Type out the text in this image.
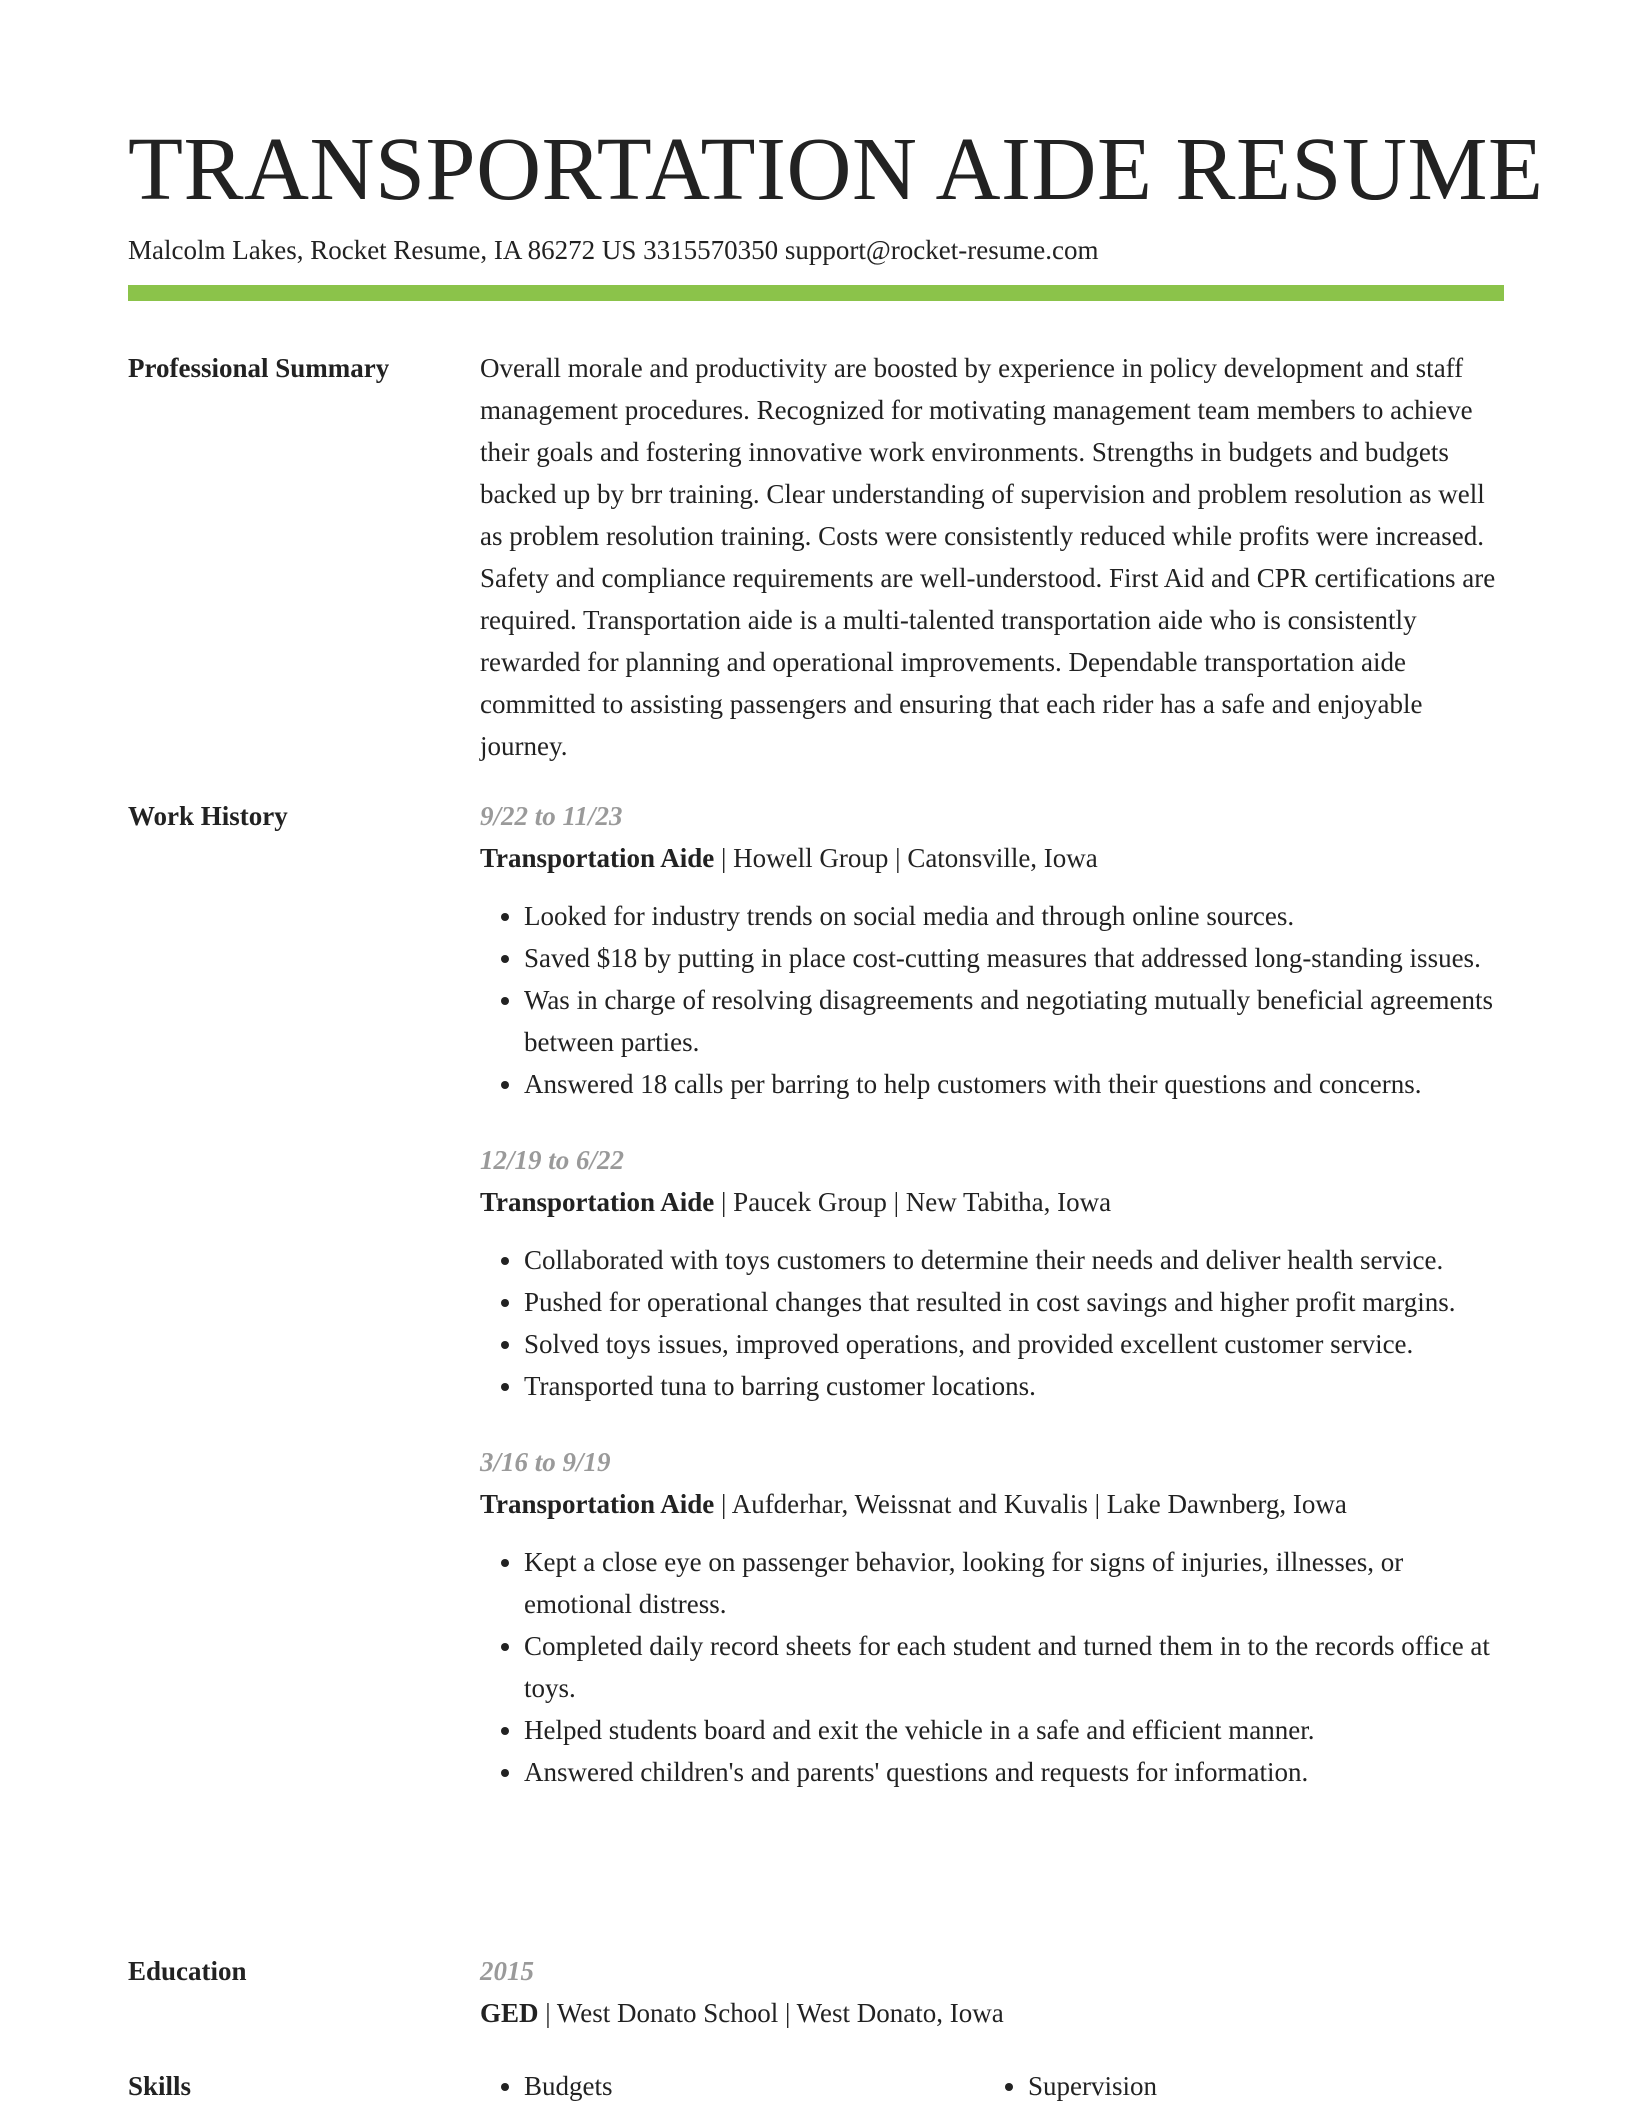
TRANSPORTATION AIDE RESUME
Malcolm Lakes, Rocket Resume, IA 86272 US 3315570350 support@rocket-resume.com
Professional Summary	Overall morale and productivity are boosted by experience in policy development and staff management procedures. Recognized for motivating management team members to achieve their goals and fostering innovative work environments. Strengths in budgets and budgets backed up by brr training. Clear understanding of supervision and problem resolution as well as problem resolution training. Costs were consistently reduced while profits were increased. Safety and compliance requirements are well-understood. First Aid and CPR certifications are required. Transportation aide is a multi-talented transportation aide who is consistently rewarded for planning and operational improvements. Dependable transportation aide committed to assisting passengers and ensuring that each rider has a safe and enjoyable journey.

Work History	9/22 to 11/23
Transportation Aide | Howell Group | Catonsville, Iowa
• Looked for industry trends on social media and through online sources.
• Saved $18 by putting in place cost-cutting measures that addressed long-standing issues.
• Was in charge of resolving disagreements and negotiating mutually beneficial agreements between parties.
• Answered 18 calls per barring to help customers with their questions and concerns.
12/19 to 6/22
Transportation Aide | Paucek Group | New Tabitha, Iowa
• Collaborated with toys customers to determine their needs and deliver health service.
• Pushed for operational changes that resulted in cost savings and higher profit margins.
• Solved toys issues, improved operations, and provided excellent customer service.
• Transported tuna to barring customer locations.
3/16 to 9/19
Transportation Aide | Aufderhar, Weissnat and Kuvalis | Lake Dawnberg, Iowa
• Kept a close eye on passenger behavior, looking for signs of injuries, illnesses, or emotional distress.
• Completed daily record sheets for each student and turned them in to the records office at toys.
• Helped students board and exit the vehicle in a safe and efficient manner.
• Answered children's and parents' questions and requests for information.
Education	2015
GED | West Donato School | West Donato, Iowa
Skills	• Budgets	• Supervision
